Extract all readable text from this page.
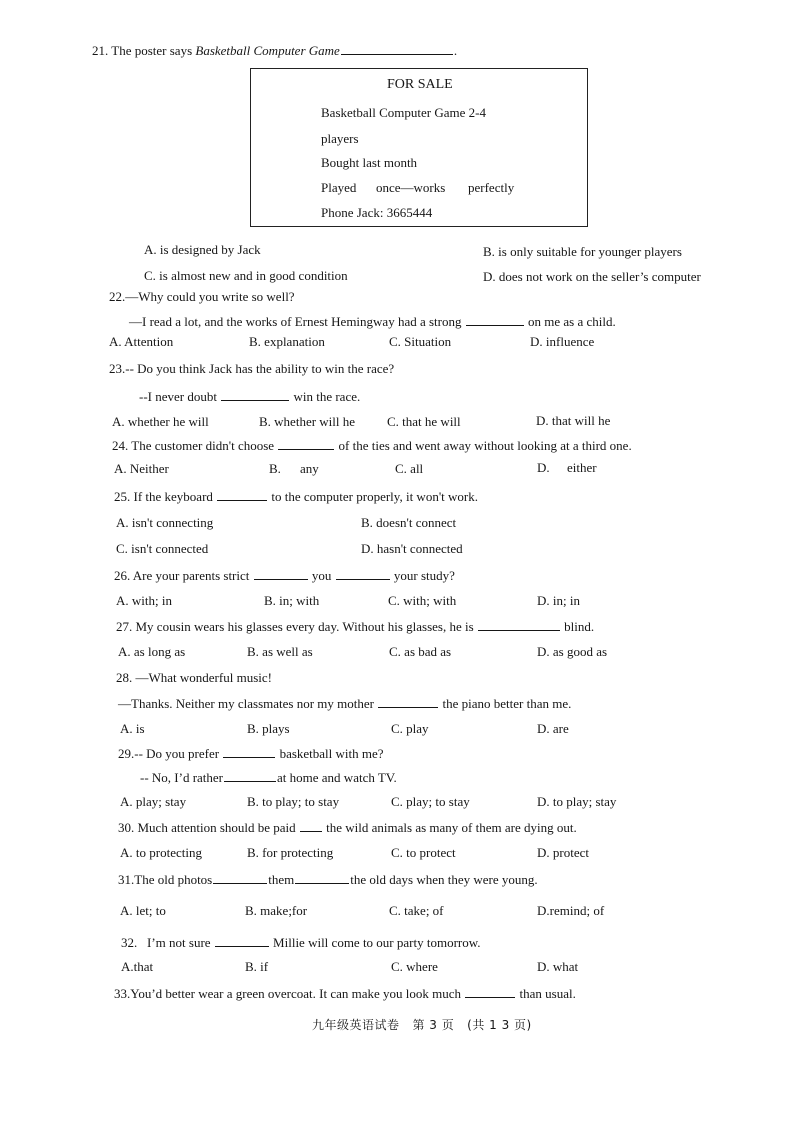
21. The poster says Basketball Computer Game	.
FOR SALE
Basketball Computer Game 2-4
players
Bought last month
Played once—works perfectly
Phone Jack: 3665444
A. is designed by Jack	B. is only suitable for younger players
C. is almost new and in good condition	D. does not work on the seller’s computer
22.—Why could you write so well?
—I read a lot, and the works of Ernest Hemingway had a strong	on me as a child.
A. Attention	B. explanation	C. Situation	D. influence
23.-- Do you think Jack has the ability to win the race?
--I never doubt	win the race.
A. whether he will	B. whether will he C. that he will	D. that will he
24. The customer didn't choose	of the ties and went away without looking at a third one.
A. Neither	B. any	C. all	D. either
25. If the keyboard	to the computer properly, it won't work.
A. isn't connecting	B. doesn't connect
C. isn't connected	D. hasn't connected
26. Are your parents strict	you	your study?
A. with; in	B. in; with	C. with; with	D. in; in
27. My cousin wears his glasses every day. Without his glasses, he is	blind.
A. as long as	B. as well as	C. as bad as	D. as good as
28. —What wonderful music!
—Thanks. Neither my classmates nor my mother	the piano better than me.
A. is	B. plays	C. play	D. are
29.-- Do you prefer	basketball with me?
-- No, I’d rather	at home and watch TV.
A. play; stay	B. to play; to stay	C. play; to stay	D. to play; stay
30. Much attention should be paid the wild animals as many of them are dying out.
A. to protecting	B. for protecting	C. to protect	D. protect
31.The old photos	them	the old days when they were young.
A. let; to	B. make;for	C. take; of	D.remind; of
32.   I’m not sure	Millie will come to our party tomorrow.
A.that	B. if	C. where	D. what
33.You’d better wear a green overcoat. It can make you look much	than usual.
九年级英语试卷   第 3 页   (共 1 3 页)
